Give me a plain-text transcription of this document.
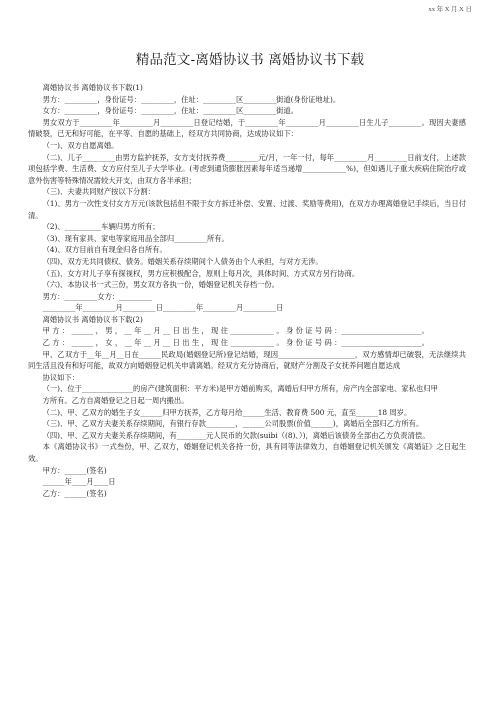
xx 年 X 月 X 日
精品范文-离婚协议书 离婚协议书下载

离婚协议书 离婚协议书下载(1)

男方：_________，身份证号：_________，住址：_________区_________街道(身份证地址)。

女方：_________，身份证号：_________，住址：_________区_________街道。

男女双方于_________年_________月_________日登记结婚，于_________年_________月_________日生儿子_________。现因夫妻感情破裂，已无和好可能，在平等、自愿的基础上，经双方共同协商，达成协议如下：

（一)、双方自愿离婚。

（二)、儿子_________由男方监护抚养，女方支付抚养费_________元/月，一年一付，每年_________月_________日前支付，上述款项包括学费、生活费、女方应付至儿子大学毕业。(考虑到通货膨胀因素每年适当递增____________%)，但如遇儿子重大疾病住院治疗或意外伤害等特殊情况需较大开支，由双方各半承担；

（三)、夫妻共同财产按以下分割：

（1)、男方一次性支付女方万元(该款包括但不限于女方拆迁补偿、安置、过渡、奖励等费用)，在双方办理离婚登记手续后，当日付清。

（2)、__________车辆归男方所有；

（3)、现有家具、家电等家庭用品全部归_________所有。

（4)、双方目前自有现金归各自所有。

（四)、双方无共同债权、债务。婚姻关系存续期间个人债务由个人承担，与对方无涉。

（五)、女方对儿子享有探视权，男方应积极配合，原则上每月次，具体时间、方式双方另行协商。

（六)、本协议书一式三份，男女双方各执一份，婚姻登记机关存档一份。

男方：_________女方：_________

_________年_________月_________日_________年_________月_________日

离婚协议书 离婚协议书下载(2)

甲 方 ： ______ ， 男 ， __ 年 __ 月 __ 日 出 生 ， 现 住 ____________ 。 身 份 证 号 码 ：______________________。

乙 方 ： ______ ， 女 ， __ 年 __ 月 __ 日 出 生 ， 现 住 ____________ 。 身 份 证 号 码 ：______________________。

甲、乙双方于__年__月__日在______民政局(婚姻登记所)登记结婚，现因_____________________，双方感情却已破裂，无法继续共同生活且没有和好可能，故双方向婚姻登记机关申请离婚。经双方充分协商后，就财产分割及子女抚养问题自愿达成

协议如下：

（一)、位于______________的房产(建筑面积：平方米)是甲方婚前购买，离婚后归甲方所有，房产内全部家电、家私也归甲

方所有。乙方自离婚登记之日起一周内搬出。

（二)、甲、乙双方的婚生子女______归甲方抚养，乙方每月给______生活、教育费 500 元，直至______18 周岁。

（三)、甲、乙双方夫妻关系存续期间，有银行存款________，______公司股票(价值______)，离婚后全部归乙方所有。

（四)、甲、乙双方夫妻关系存续期间，有________元人民币的欠款(suibi（(8)、）)，离婚后该债务全部由乙方负责清偿。

本《离婚协议书》一式叁份，甲、乙双方，婚姻登记机关各持一份，具有同等法律效力，自婚姻登记机关颁发《离婚证》之日起生效。

甲方：______(签名)

______年____月____日

乙方：______(签名)
